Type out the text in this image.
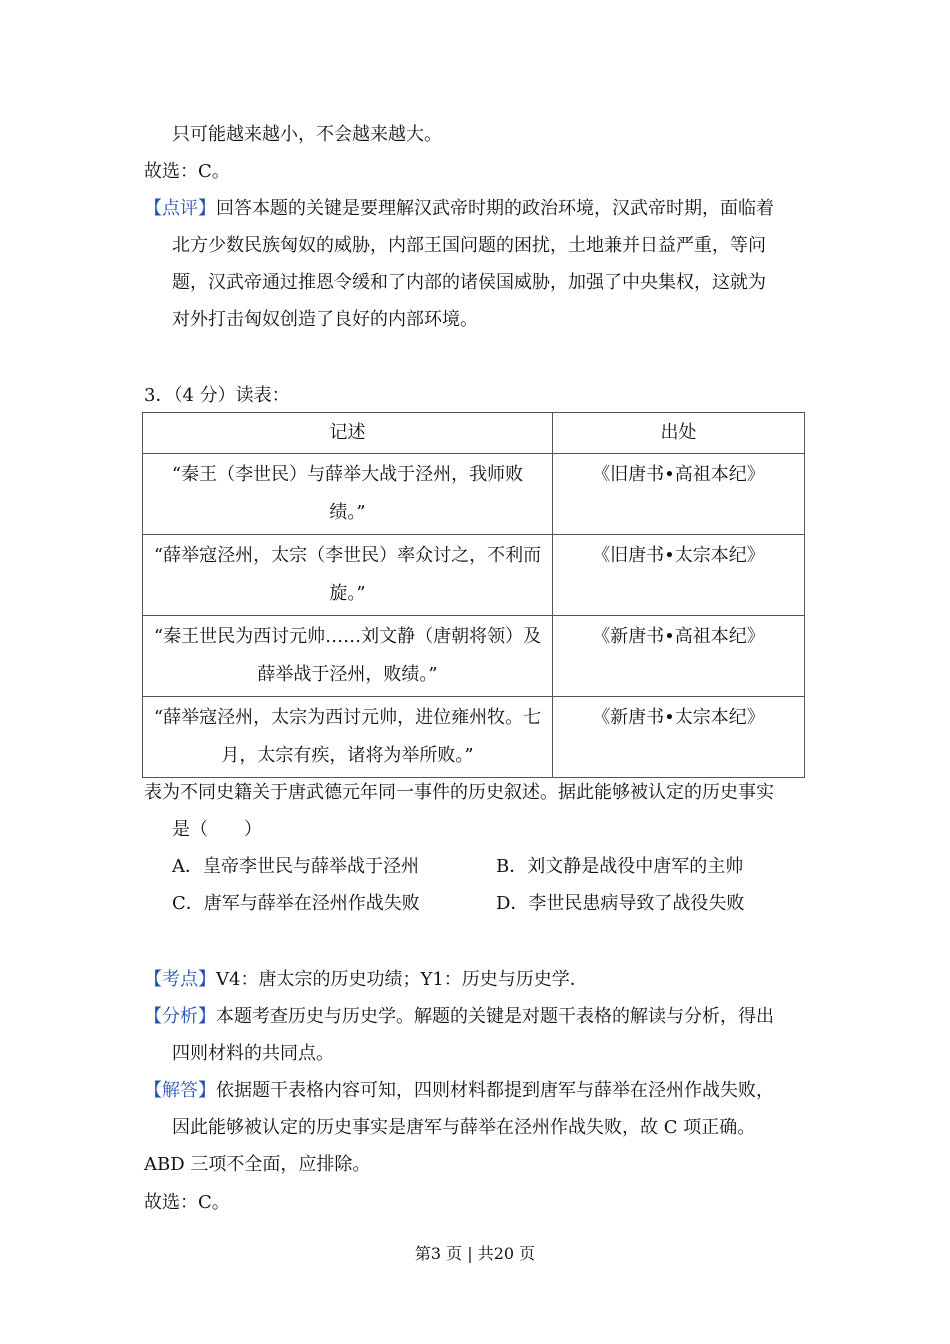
只可能越来越小，不会越来越大。
故选：C。
【点评】回答本题的关键是要理解汉武帝时期的政治环境，汉武帝时期，面临着
北方少数民族匈奴的威胁，内部王国问题的困扰，土地兼并日益严重，等问
题，汉武帝通过推恩令缓和了内部的诸侯国威胁，加强了中央集权，这就为
对外打击匈奴创造了良好的内部环境。
3．（4 分）读表：
记述	出处
“秦王（李世民）与薛举大战于泾州，我师败
绩。”	《旧唐书•高祖本纪》
“薛举寇泾州，太宗（李世民）率众讨之，不利而
旋。”	《旧唐书•太宗本纪》
“秦王世民为西讨元帅……刘文静（唐朝将领）及
薛举战于泾州，败绩。”	《新唐书•高祖本纪》
“薛举寇泾州，太宗为西讨元帅，进位雍州牧。七
月，太宗有疾，诸将为举所败。”	《新唐书•太宗本纪》
表为不同史籍关于唐武德元年同一事件的历史叙述。据此能够被认定的历史事实
是（　　）
A．皇帝李世民与薛举战于泾州	B．刘文静是战役中唐军的主帅
C．唐军与薛举在泾州作战失败	D．李世民患病导致了战役失败
【考点】V4：唐太宗的历史功绩；Y1：历史与历史学．
【分析】本题考查历史与历史学。解题的关键是对题干表格的解读与分析，得出
四则材料的共同点。
【解答】依据题干表格内容可知，四则材料都提到唐军与薛举在泾州作战失败，
因此能够被认定的历史事实是唐军与薛举在泾州作战失败，故 C 项正确。
ABD 三项不全面，应排除。
故选：C。
第3 页 | 共20 页
